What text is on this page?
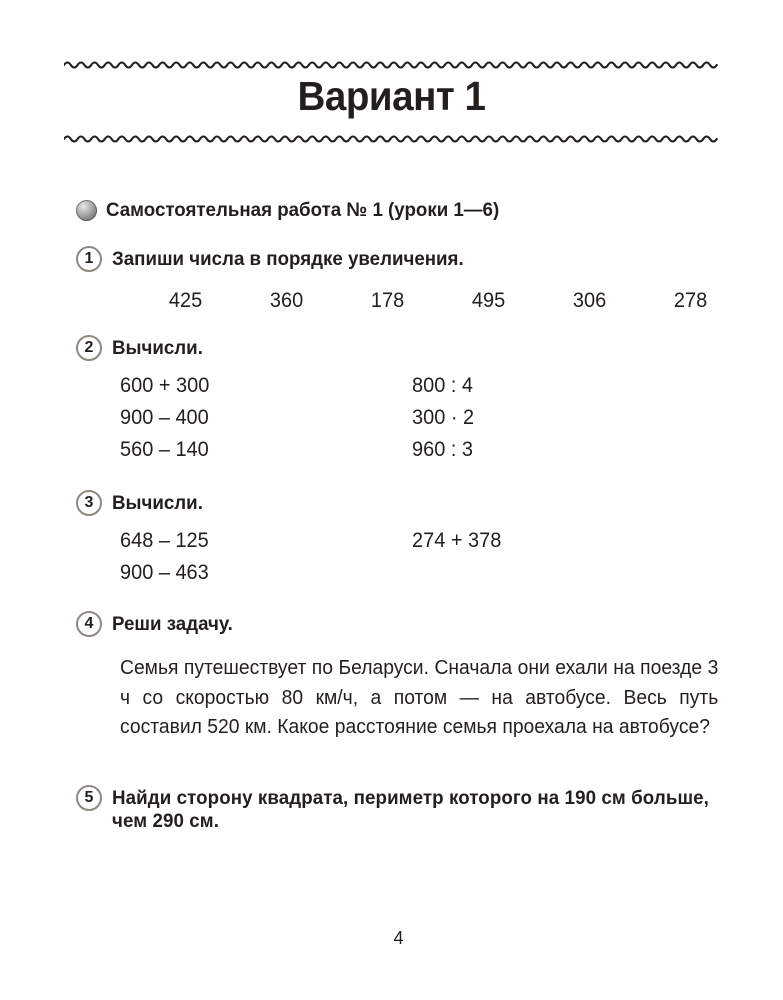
Вариант 1
Самостоятельная работа № 1 (уроки 1—6)
1 Запиши числа в порядке увеличения.
425	360	178	495	306	278
2 Вычисли.
600 + 300	800 : 4
900 – 400	300 · 2
560 – 140	960 : 3
3 Вычисли.
648 – 125	274 + 378
900 – 463
4 Реши задачу.
Семья путешествует по Беларуси. Сначала они ехали на поезде 3 ч со скоростью 80 км/ч, а потом — на автобусе. Весь путь составил 520 км. Какое расстояние семья проехала на автобусе?
5 Найди сторону квадрата, периметр которого на 190 см больше, чем 290 см.
4
